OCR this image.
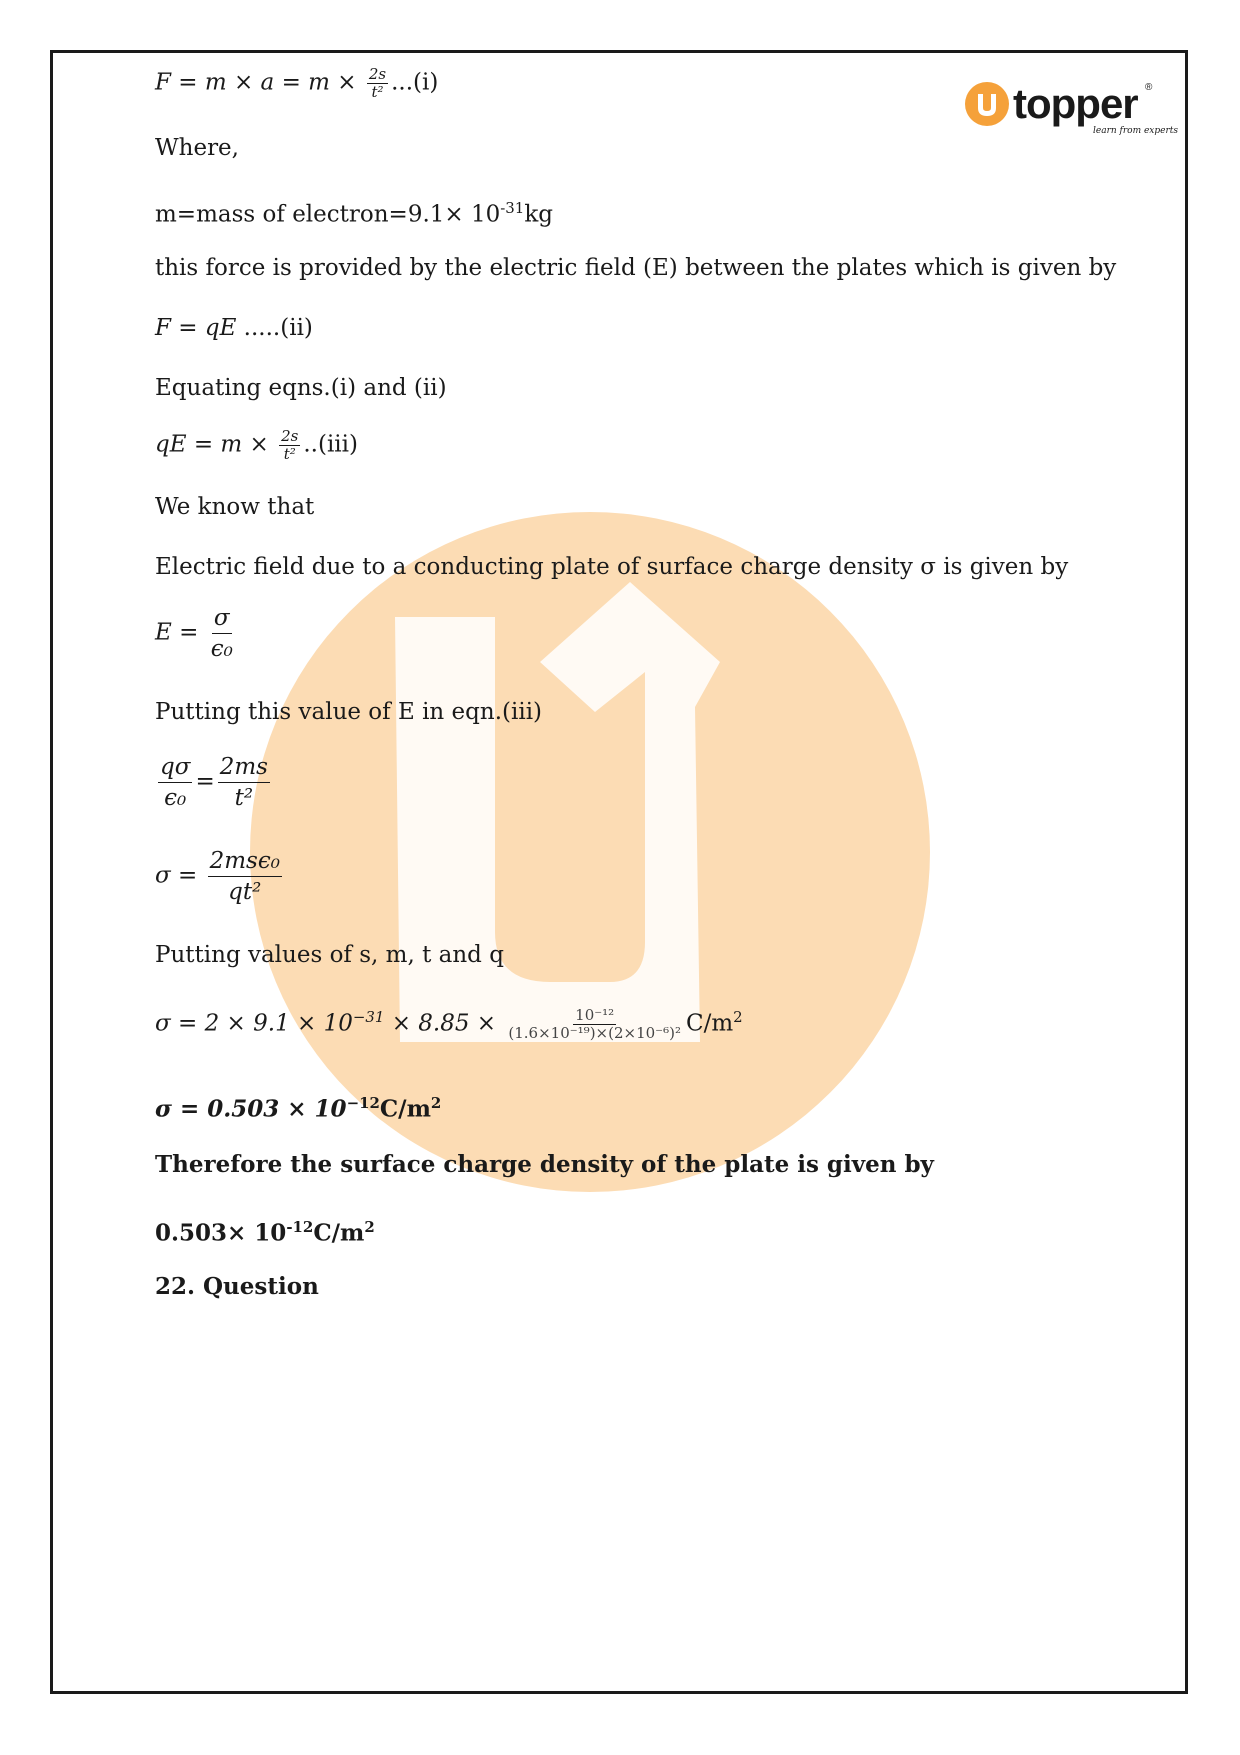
topper ®
learn from experts
$F = m \times a = m \times \frac{2s}{\text{t²}} ...(i)$
Where,
m=mass of electron=9.1× $10^{-31}kg$
this force is provided by the electric field (E) between the plates which is given by
F = qE .....(ii)
Equating eqns.(i) and (ii)
qE = $m \times \frac{2s}{\text{t²}} ..(iii)$
We know that
Electric field due to a conducting plate of surface charge density σ is given by
$E = \frac{\sigma}{\text{ϵ₀}}$
Putting this value of E in eqn.(iii)
$\frac{q\sigma}{\text{ϵ₀}} = \frac{2ms}{\text{t²}}$
$\sigma = \frac{\text{2msϵ₀}}{\text{qt²}}$
Putting values of s, m, t and q
$\sigma = 2 \times 9.1 \times 10^{-31} \times 8.85 \times \frac{\text{10⁻¹²}}{\text{(1.6×10⁻¹⁹)×(2×10⁻⁶)²}} C/m^2$
$\sigma = 0.503 \times 10^{-12}C/m^2$
Therefore the surface charge density of the plate is given by
$0.503\times 10^{-12}C/m^2$
22. Question
